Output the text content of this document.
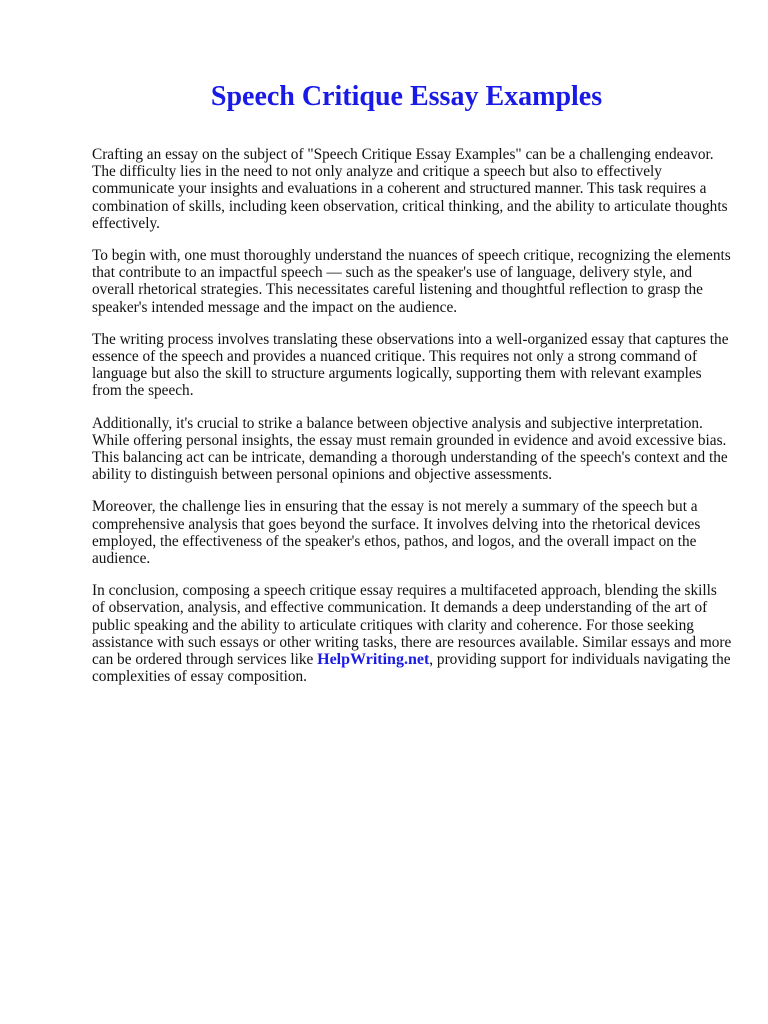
Speech Critique Essay Examples

Crafting an essay on the subject of "Speech Critique Essay Examples" can be a challenging endeavor. The difficulty lies in the need to not only analyze and critique a speech but also to effectively communicate your insights and evaluations in a coherent and structured manner. This task requires a combination of skills, including keen observation, critical thinking, and the ability to articulate thoughts effectively.

To begin with, one must thoroughly understand the nuances of speech critique, recognizing the elements that contribute to an impactful speech — such as the speaker's use of language, delivery style, and overall rhetorical strategies. This necessitates careful listening and thoughtful reflection to grasp the speaker's intended message and the impact on the audience.

The writing process involves translating these observations into a well-organized essay that captures the essence of the speech and provides a nuanced critique. This requires not only a strong command of language but also the skill to structure arguments logically, supporting them with relevant examples from the speech.

Additionally, it's crucial to strike a balance between objective analysis and subjective interpretation. While offering personal insights, the essay must remain grounded in evidence and avoid excessive bias. This balancing act can be intricate, demanding a thorough understanding of the speech's context and the ability to distinguish between personal opinions and objective assessments.

Moreover, the challenge lies in ensuring that the essay is not merely a summary of the speech but a comprehensive analysis that goes beyond the surface. It involves delving into the rhetorical devices employed, the effectiveness of the speaker's ethos, pathos, and logos, and the overall impact on the audience.

In conclusion, composing a speech critique essay requires a multifaceted approach, blending the skills of observation, analysis, and effective communication. It demands a deep understanding of the art of public speaking and the ability to articulate critiques with clarity and coherence. For those seeking assistance with such essays or other writing tasks, there are resources available. Similar essays and more can be ordered through services like HelpWriting.net, providing support for individuals navigating the complexities of essay composition.
